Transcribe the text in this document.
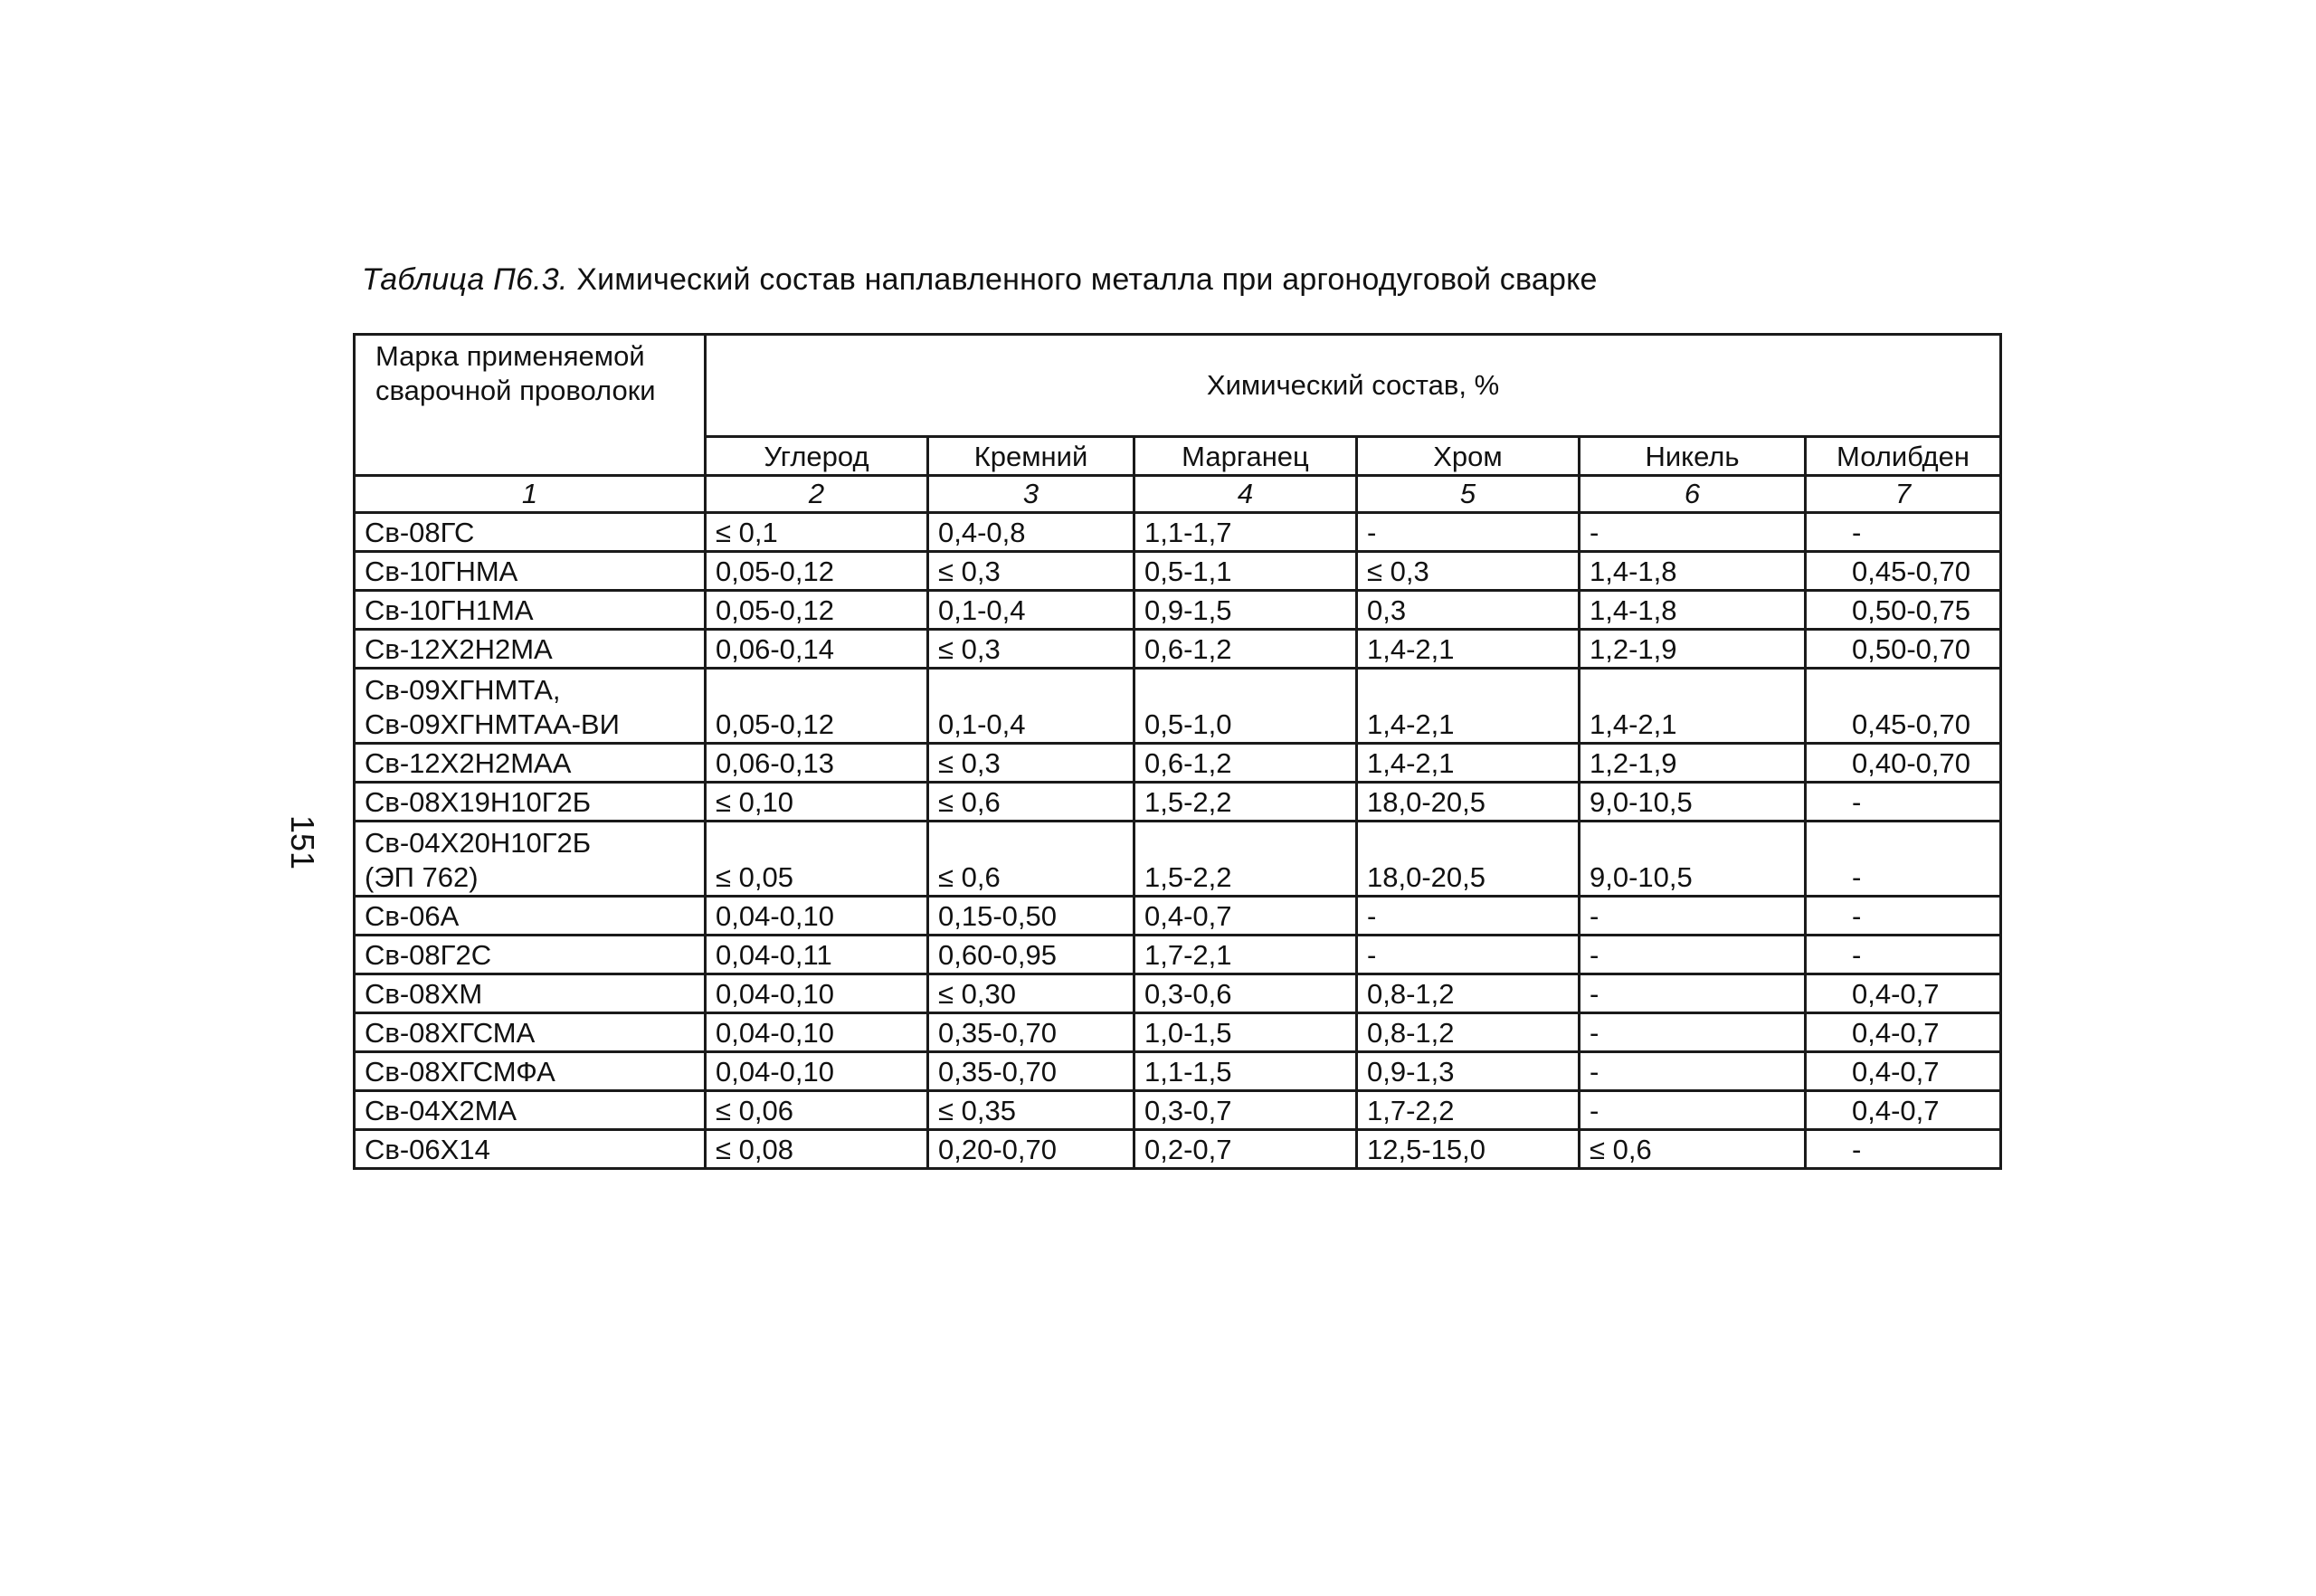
Таблица П6.3. Химический состав наплавленного металла при аргонодуговой сварке
151
Марка применяемой сварочной проволоки	Химический состав, %					
	Углерод	Кремний	Марганец	Хром	Никель	Молибден
1	2	3	4	5	6	7

Св-08ГС	≤ 0,1	0,4-0,8	1,1-1,7	-	-	-

Св-10ГНМА	0,05-0,12	≤ 0,3	0,5-1,1	≤ 0,3	1,4-1,8	0,45-0,70

Св-10ГН1МА	0,05-0,12	0,1-0,4	0,9-1,5	0,3	1,4-1,8	0,50-0,75

Св-12Х2Н2МА	0,06-0,14	≤ 0,3	0,6-1,2	1,4-2,1	1,2-1,9	0,50-0,70

Св-09ХГНМТА,
Св-09ХГНМТАА-ВИ	0,05-0,12	0,1-0,4	0,5-1,0	1,4-2,1	1,4-2,1	0,45-0,70

Св-12Х2Н2МАА	0,06-0,13	≤ 0,3	0,6-1,2	1,4-2,1	1,2-1,9	0,40-0,70

Св-08Х19Н10Г2Б	≤ 0,10	≤ 0,6	1,5-2,2	18,0-20,5	9,0-10,5	-

Св-04Х20Н10Г2Б
(ЭП 762)	≤ 0,05	≤ 0,6	1,5-2,2	18,0-20,5	9,0-10,5	-

Св-06А	0,04-0,10	0,15-0,50	0,4-0,7	-	-	-

Св-08Г2С	0,04-0,11	0,60-0,95	1,7-2,1	-	-	-

Св-08ХМ	0,04-0,10	≤ 0,30	0,3-0,6	0,8-1,2	-	0,4-0,7

Св-08ХГСМА	0,04-0,10	0,35-0,70	1,0-1,5	0,8-1,2	-	0,4-0,7

Св-08ХГСМФА	0,04-0,10	0,35-0,70	1,1-1,5	0,9-1,3	-	0,4-0,7

Св-04Х2МА	≤ 0,06	≤ 0,35	0,3-0,7	1,7-2,2	-	0,4-0,7

Св-06Х14	≤ 0,08	0,20-0,70	0,2-0,7	12,5-15,0	≤ 0,6	-
